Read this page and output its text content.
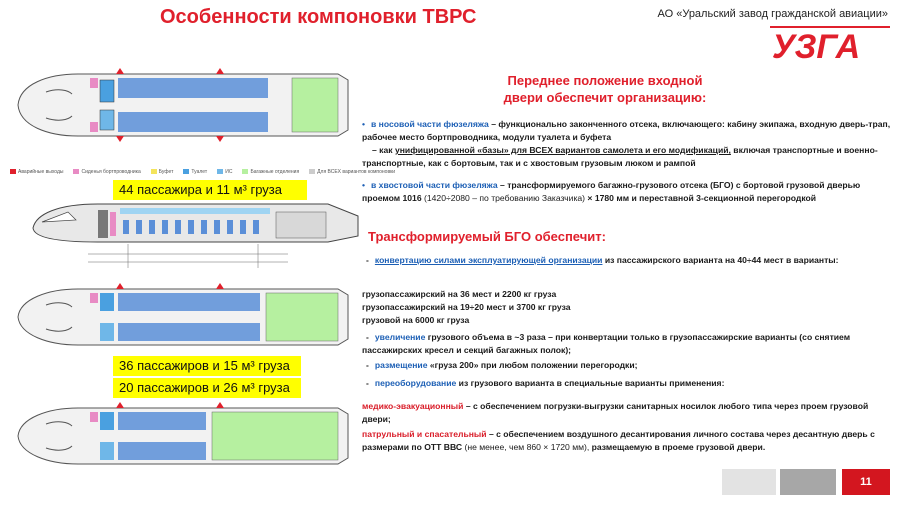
Особенности компоновки ТВРС	АО «Уральский завод гражданской авиации»
УЗГА
Аварийные выходы	Сиденья бортпроводника	Буфет	Туалет	ИС	Багажные отделения	Для ВСЕХ вариантов компоновки
44 пассажира и 11 м³ груза
36 пассажиров и 15 м³ груза
20 пассажиров и 26 м³ груза
Переднее положение входной
двери обеспечит организацию:
• в носовой части фюзеляжа – функционально законченного отсека, включающего: кабину экипажа, входную дверь-трап, рабочее место бортпроводника, модули туалета и буфета
– как унифицированной «базы» для ВСЕХ вариантов самолета и его модификаций, включая транспортные и военно-транспортные, как с бортовым, так и с хвостовым грузовым люком и рампой
• в хвостовой части фюзеляжа – трансформируемого багажно-грузового отсека (БГО) с бортовой грузовой дверью проемом 1016 (1420÷2080 – по требованию Заказчика) × 1780 мм и переставной 3-секционной перегородкой
Трансформируемый БГО обеспечит:
- конвертацию силами эксплуатирующей организации из пассажирского варианта на 40÷44 мест в варианты:
грузопассажирский на 36 мест и 2200 кг груза
грузопассажирский на 19÷20 мест и 3700 кг груза
грузовой на 6000 кг груза
- увеличение грузового объема в ~3 раза – при конвертации только в грузопассажирские варианты (со снятием пассажирских кресел и секций багажных полок);
- размещение «груза 200» при любом положении перегородки;
- переоборудование из грузового варианта в специальные варианты применения:
медико-эвакуационный – с обеспечением погрузки-выгрузки санитарных носилок любого типа через проем грузовой двери;
патрульный и спасательный – с обеспечением воздушного десантирования личного состава через десантную дверь с размерами по ОТТ ВВС (не менее, чем 860 × 1720 мм), размещаемую в проеме грузовой двери.
11
